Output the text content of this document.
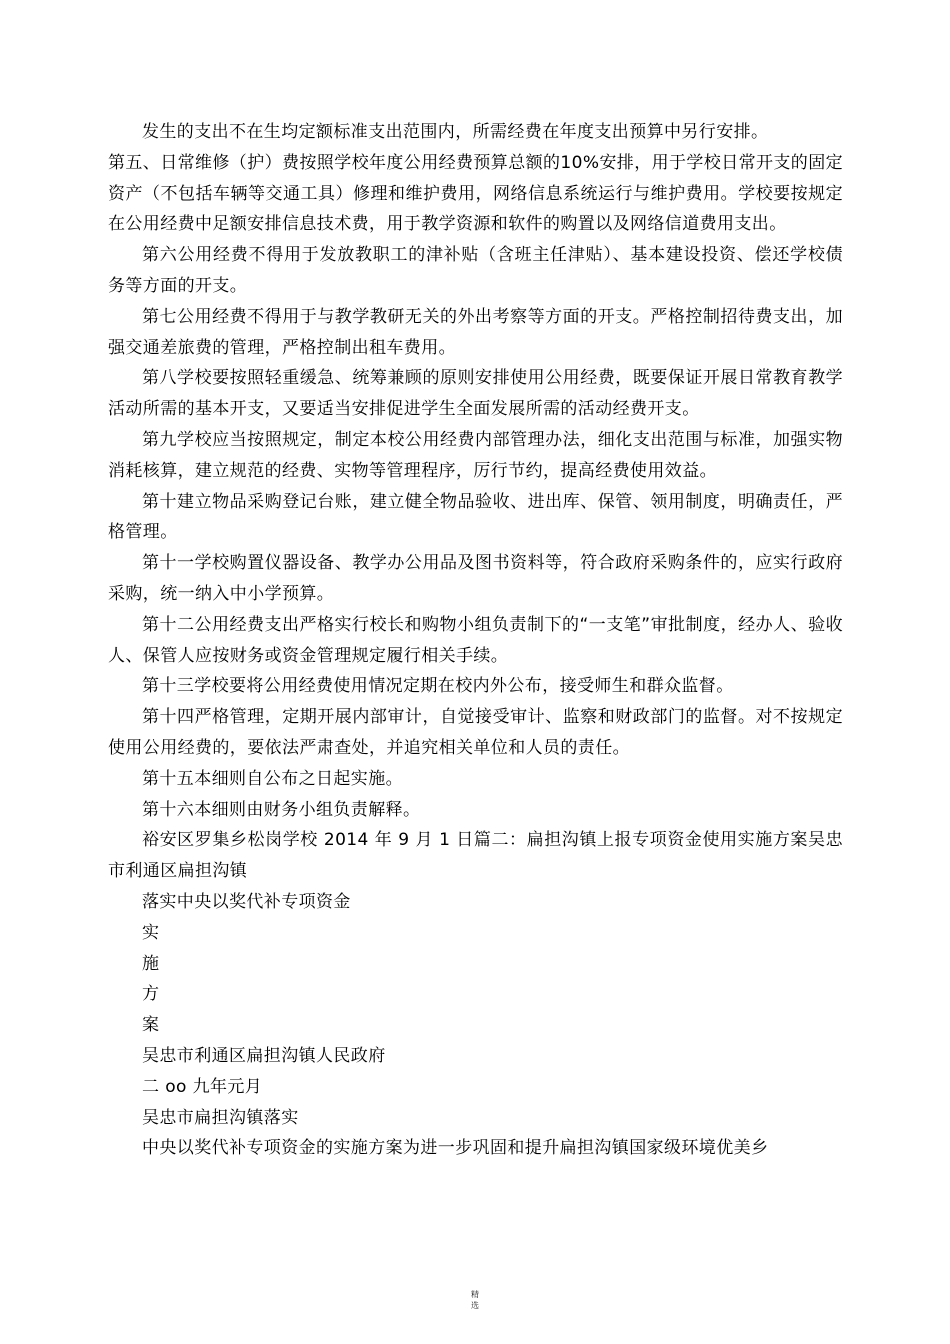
发生的支出不在生均定额标准支出范围内，所需经费在年度支出预算中另行安排。

第五、日常维修（护）费按照学校年度公用经费预算总额的10%安排，用于学校日常开支的固定资产（不包括车辆等交通工具）修理和维护费用，网络信息系统运行与维护费用。学校要按规定在公用经费中足额安排信息技术费，用于教学资源和软件的购置以及网络信道费用支出。

第六公用经费不得用于发放教职工的津补贴（含班主任津贴）、基本建设投资、偿还学校债务等方面的开支。

第七公用经费不得用于与教学教研无关的外出考察等方面的开支。严格控制招待费支出，加强交通差旅费的管理，严格控制出租车费用。

第八学校要按照轻重缓急、统筹兼顾的原则安排使用公用经费，既要保证开展日常教育教学活动所需的基本开支，又要适当安排促进学生全面发展所需的活动经费开支。

第九学校应当按照规定，制定本校公用经费内部管理办法，细化支出范围与标准，加强实物消耗核算，建立规范的经费、实物等管理程序，厉行节约，提高经费使用效益。

第十建立物品采购登记台账，建立健全物品验收、进出库、保管、领用制度，明确责任，严格管理。

第十一学校购置仪器设备、教学办公用品及图书资料等，符合政府采购条件的，应实行政府采购，统一纳入中小学预算。

第十二公用经费支出严格实行校长和购物小组负责制下的“一支笔”审批制度，经办人、验收人、保管人应按财务或资金管理规定履行相关手续。

第十三学校要将公用经费使用情况定期在校内外公布，接受师生和群众监督。

第十四严格管理，定期开展内部审计，自觉接受审计、监察和财政部门的监督。对不按规定使用公用经费的，要依法严肃查处，并追究相关单位和人员的责任。

第十五本细则自公布之日起实施。

第十六本细则由财务小组负责解释。

裕安区罗集乡松岗学校 2014 年 9 月 1 日篇二：扁担沟镇上报专项资金使用实施方案吴忠市利通区扁担沟镇

落实中央以奖代补专项资金

实

施

方

案

吴忠市利通区扁担沟镇人民政府

二 oo 九年元月

吴忠市扁担沟镇落实

中央以奖代补专项资金的实施方案为进一步巩固和提升扁担沟镇国家级环境优美乡

精
选
